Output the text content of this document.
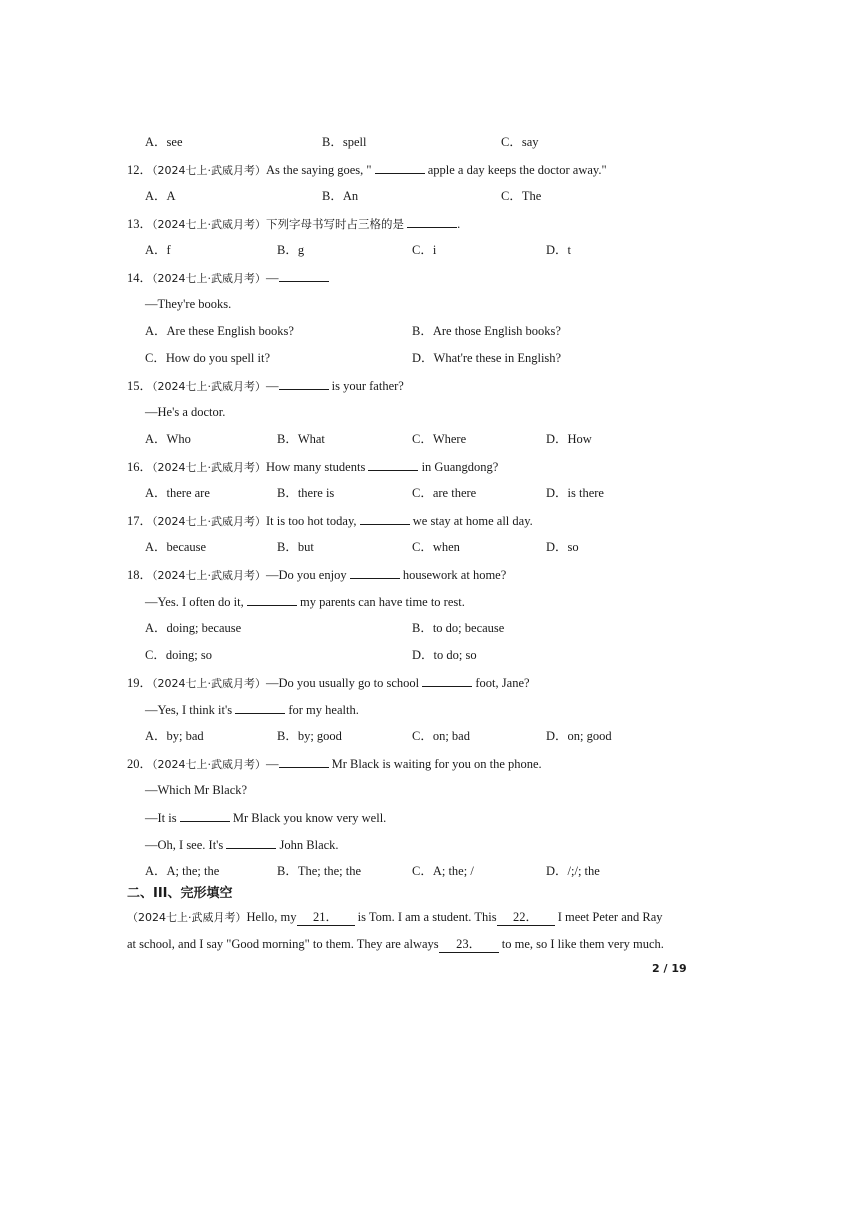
A．see	B．spell	C．say
12．（2024七上·武威月考）As the saying goes, "	apple a day keeps the doctor away."
A．A	B．An	C．The
13．（2024七上·武威月考）下列字母书写时占三格的是	.
A．f	B．g	C．i	D．t
14．（2024七上·武威月考）—
—They're books.
A．Are these English books?	B．Are those English books?
C．How do you spell it?	D．What're these in English?
15．（2024七上·武威月考）—	is your father?
—He's a doctor.
A．Who	B．What	C．Where	D．How
16．（2024七上·武威月考）How many students	in Guangdong?
A．there are	B．there is	C．are there	D．is there
17．（2024七上·武威月考）It is too hot today,	we stay at home all day.
A．because	B．but	C．when	D．so
18．（2024七上·武威月考）—Do you enjoy	housework at home?
—Yes. I often do it,	my parents can have time to rest.
A．doing; because	B．to do; because
C．doing; so	D．to do; so
19．（2024七上·武威月考）—Do you usually go to school	foot, Jane?
—Yes, I think it's	for my health.
A．by; bad	B．by; good	C．on; bad	D．on; good
20．（2024七上·武威月考）—	Mr Black is waiting for you on the phone.
—Which Mr Black?
—It is	Mr Black you know very well.
—Oh, I see. It's	John Black.
A．A; the; the	B．The; the; the	C．A; the; /	D．/;/; the
二、III、完形填空
（2024七上·武威月考）Hello, my 21． is Tom. I am a student. This 22． I meet Peter and Ray
at school, and I say "Good morning" to them. They are always 23． to me, so I like them very much.
2 / 19
